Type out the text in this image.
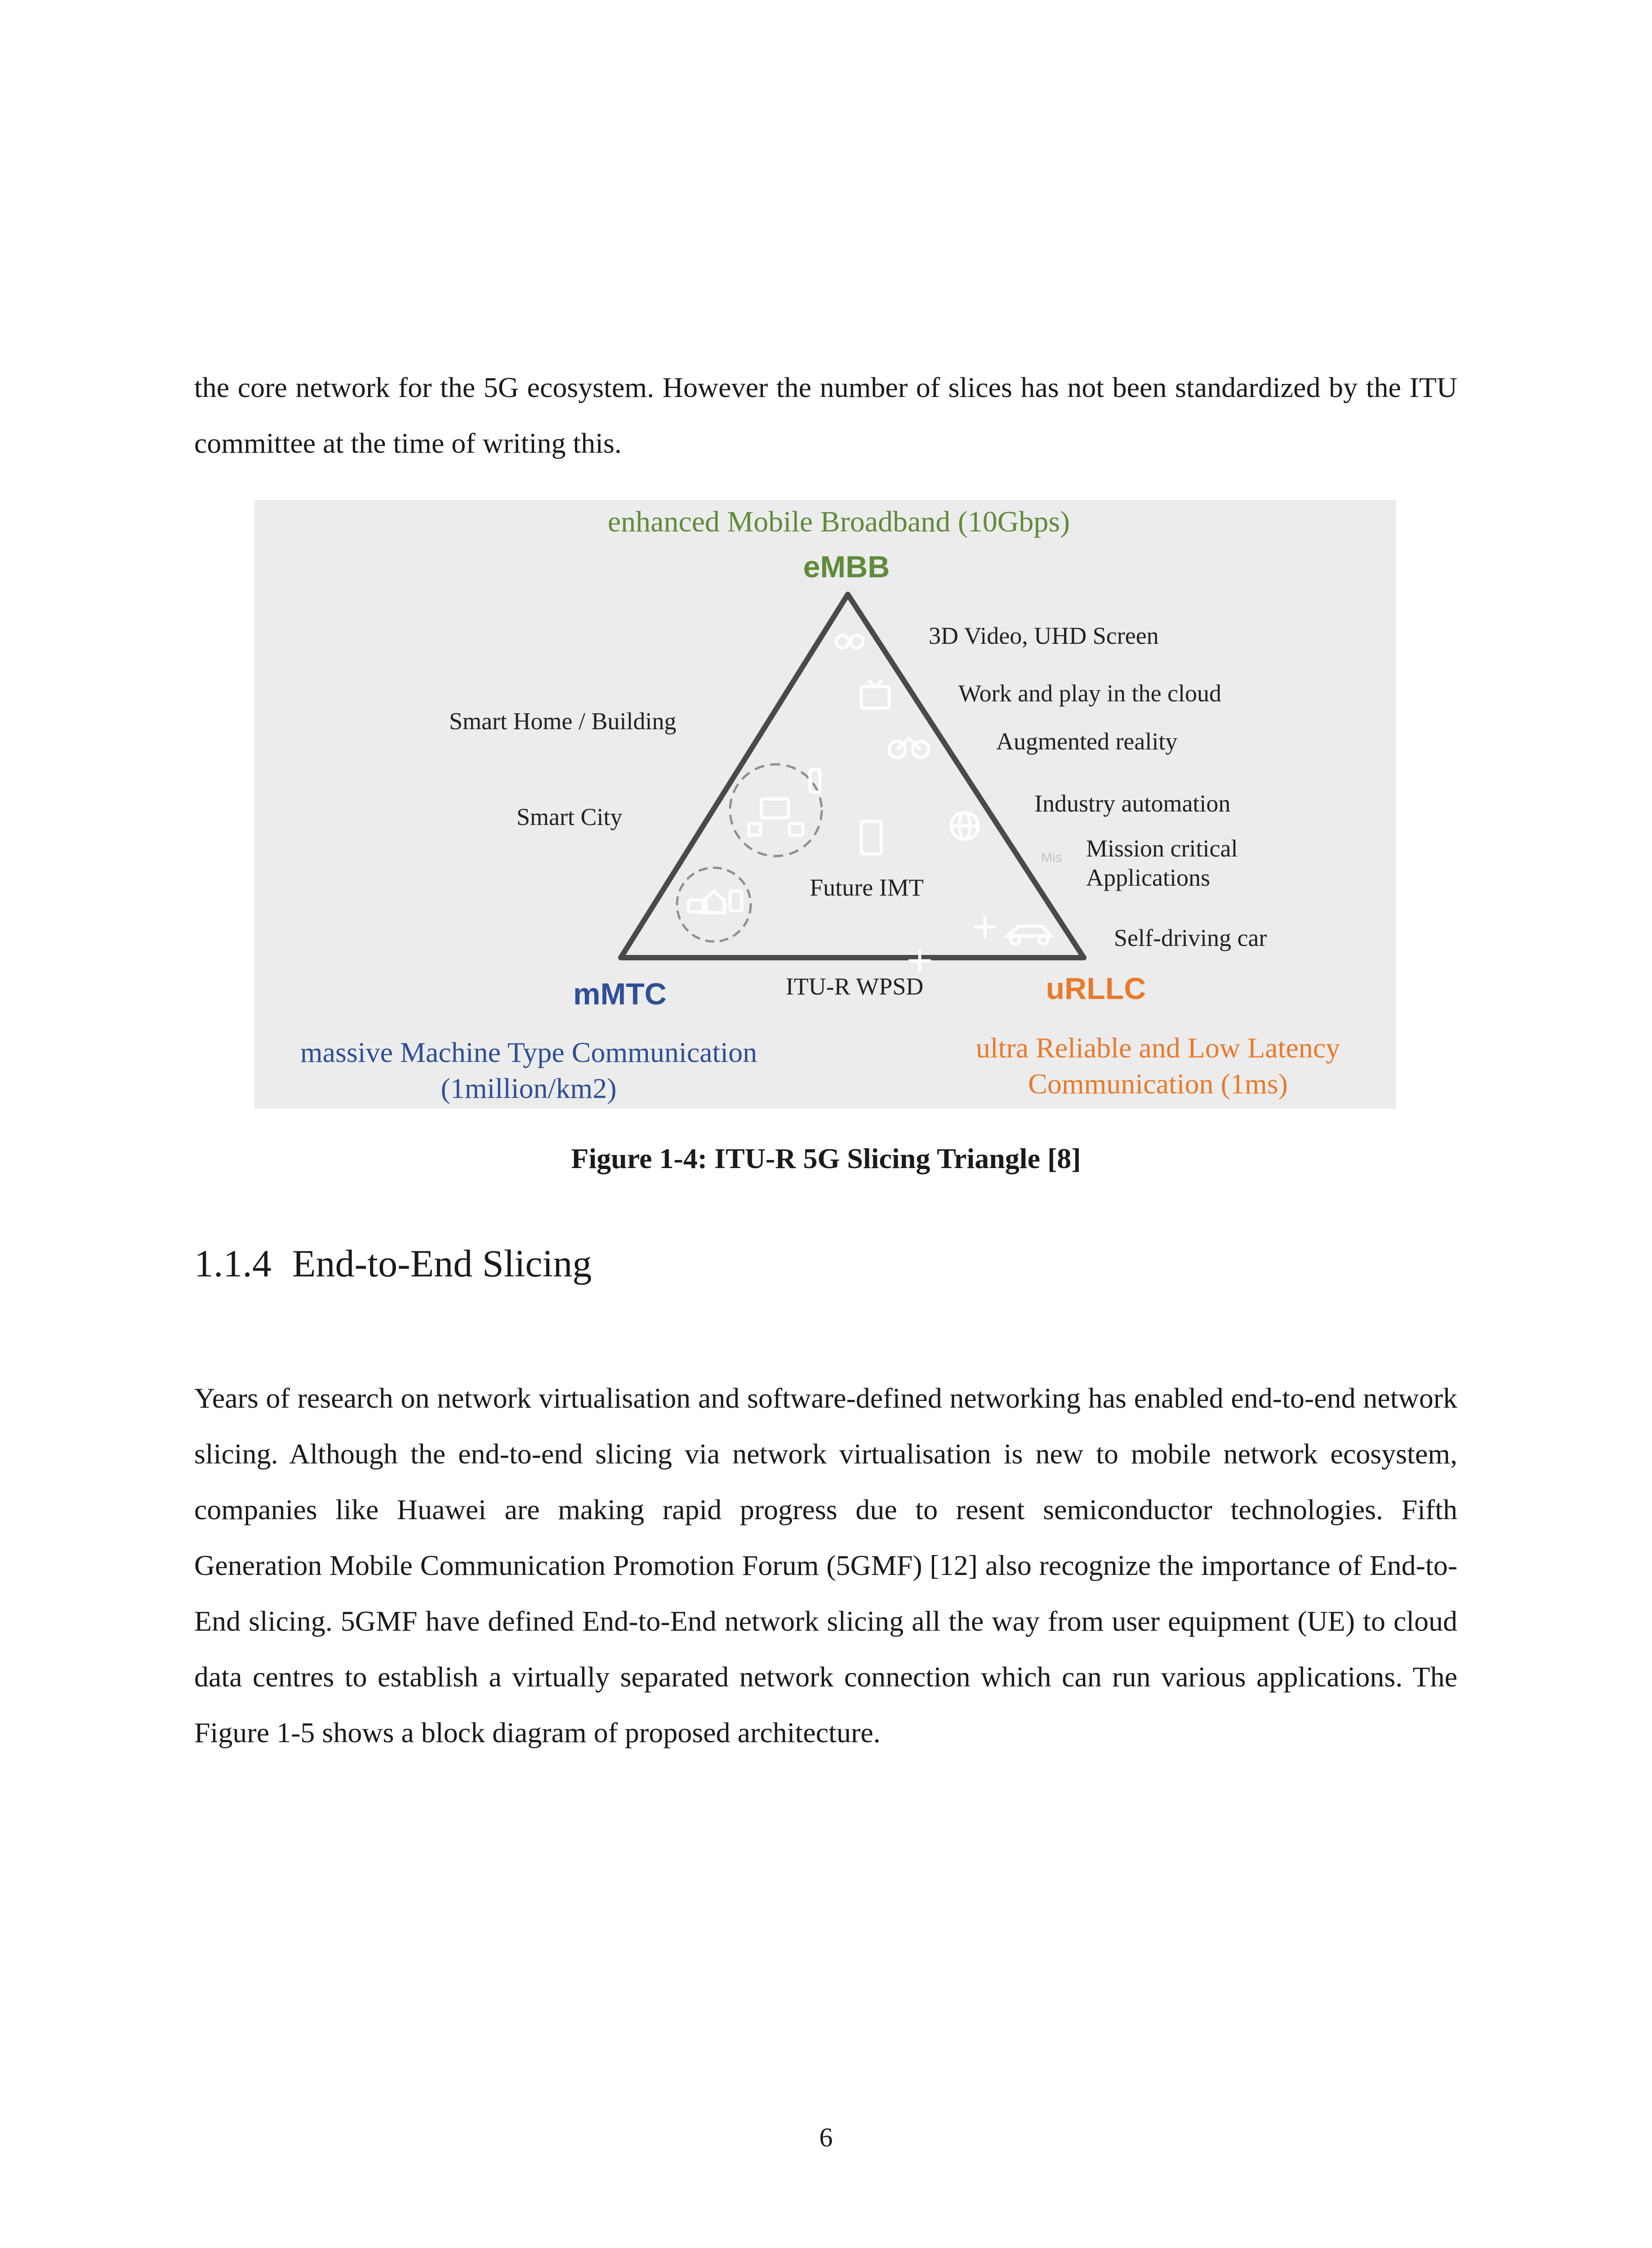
the core network for the 5G ecosystem. However the number of slices has not been standardized by the ITU committee at the time of writing this.

Mis
enhanced Mobile Broadband (10Gbps)
eMBB
3D Video, UHD Screen
Work and play in the cloud
Augmented reality
Industry automation
Mission critical
Applications
Self-driving car
Smart Home / Building
Smart City
Future IMT
ITU-R WPSD
mMTC
massive Machine Type Communication
(1million/km2)
uRLLC
ultra Reliable and Low Latency
Communication (1ms)

Figure 1-4: ITU-R 5G Slicing Triangle [8]

1.1.4 End-to-End Slicing

Years of research on network virtualisation and software-defined networking has enabled end-to-end network slicing. Although the end-to-end slicing via network virtualisation is new to mobile network ecosystem, companies like Huawei are making rapid progress due to resent semiconductor technologies. Fifth Generation Mobile Communication Promotion Forum (5GMF) [12] also recognize the importance of End-to-End slicing. 5GMF have defined End-to-End network slicing all the way from user equipment (UE) to cloud data centres to establish a virtually separated network connection which can run various applications. The Figure 1-5 shows a block diagram of proposed architecture.

6
